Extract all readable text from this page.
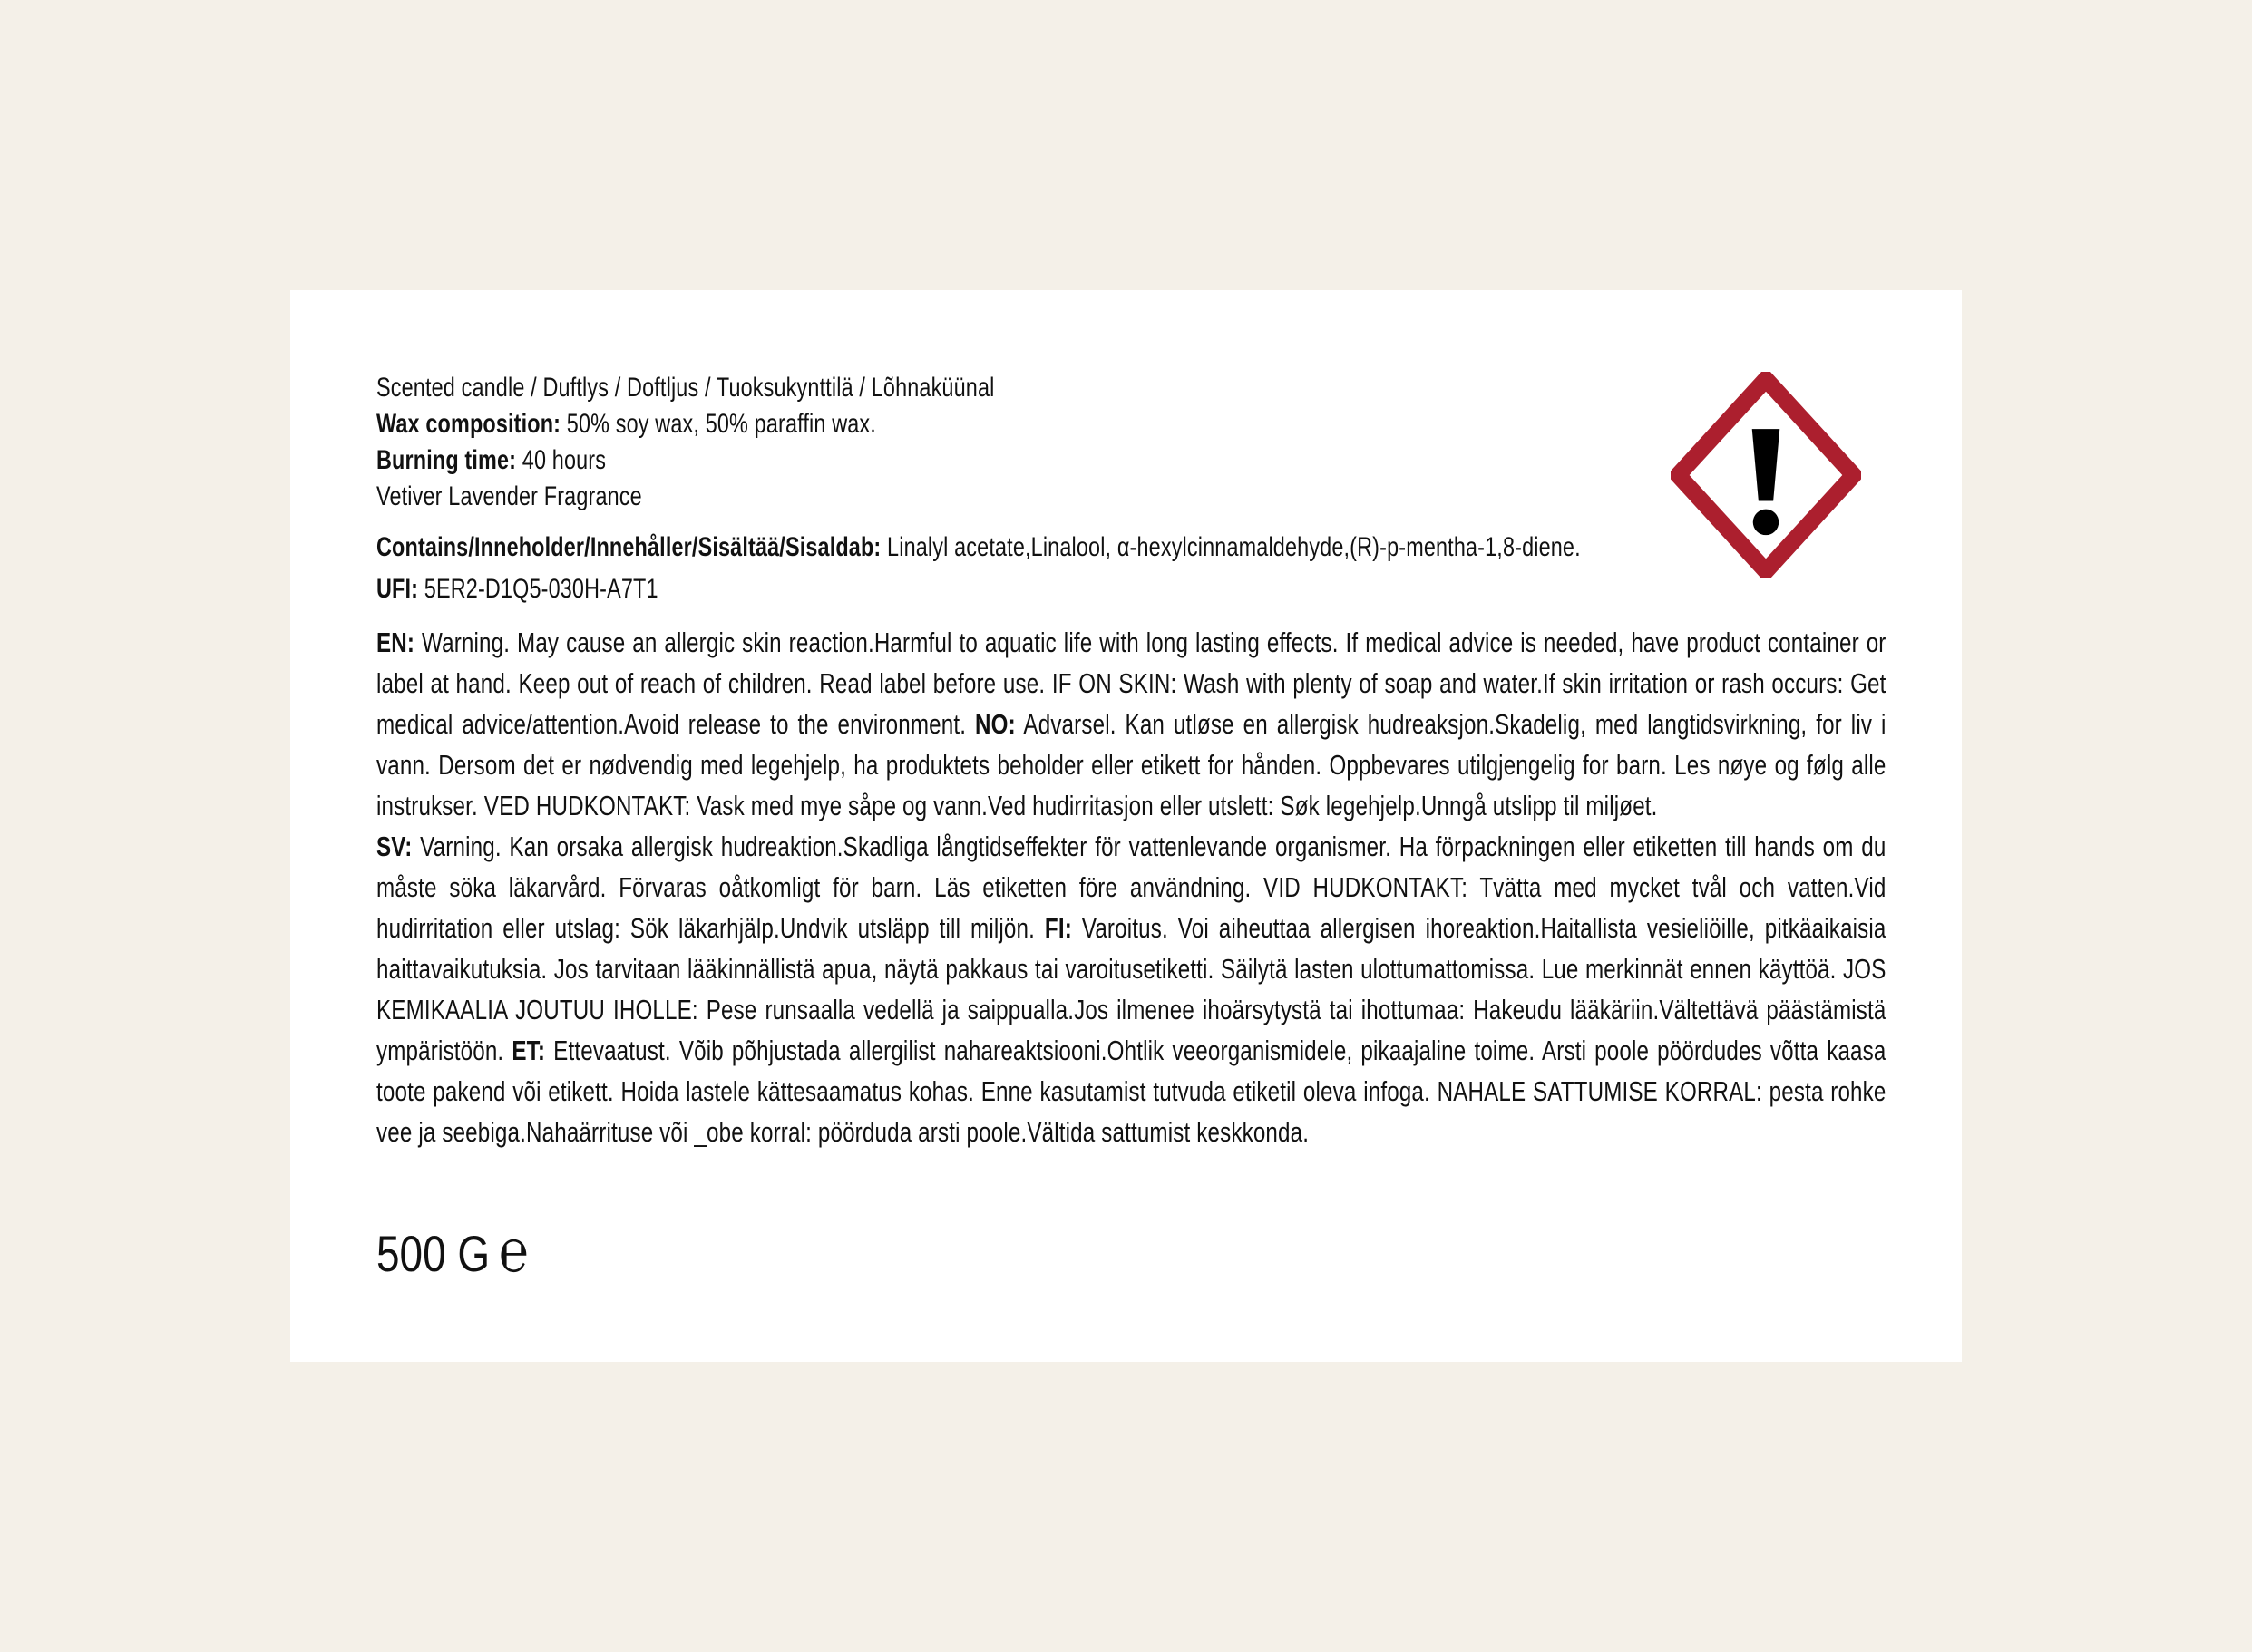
Scented candle / Duftlys / Doftljus / Tuoksukynttilä / Lõhnaküünal
Wax composition: 50% soy wax, 50% paraffin wax.
Burning time: 40 hours
Vetiver Lavender Fragrance
Contains/Inneholder/Innehåller/Sisältää/Sisaldab: Linalyl acetate,Linalool, α-hexylcinnamaldehyde,(R)-p-mentha-1,8-diene.
UFI: 5ER2-D1Q5-030H-A7T1

EN: Warning. May cause an allergic skin reaction.Harmful to aquatic life with long lasting effects. If medical advice is needed, have product container or label at hand. Keep out of reach of children. Read label before use. IF ON SKIN: Wash with plenty of soap and water.If skin irritation or rash occurs: Get medical advice/attention.Avoid release to the environment. NO: Advarsel. Kan utløse en allergisk hudreaksjon.Skadelig, med langtidsvirkning, for liv i vann. Dersom det er nødvendig med legehjelp, ha produktets beholder eller etikett for hånden. Oppbevares utilgjengelig for barn. Les nøye og følg alle instrukser. VED HUDKONTAKT: Vask med mye såpe og vann.Ved hudirritasjon eller utslett: Søk legehjelp.Unngå utslipp til miljøet.

SV: Varning. Kan orsaka allergisk hudreaktion.Skadliga långtidseffekter för vattenlevande organismer. Ha förpackningen eller etiketten till hands om du måste söka läkarvård. Förvaras oåtkomligt för barn. Läs etiketten före användning. VID HUDKONTAKT: Tvätta med mycket tvål och vatten.Vid hudirritation eller utslag: Sök läkarhjälp.Undvik utsläpp till miljön. FI: Varoitus. Voi aiheuttaa allergisen ihoreaktion.Haitallista vesieliöille, pitkäaikaisia haittavaikutuksia. Jos tarvitaan lääkinnällistä apua, näytä pakkaus tai varoitusetiketti. Säilytä lasten ulottumattomissa. Lue merkinnät ennen käyttöä. JOS KEMIKAALIA JOUTUU IHOLLE: Pese runsaalla vedellä ja saippualla.Jos ilmenee ihoärsytystä tai ihottumaa: Hakeudu lääkäriin.Vältettävä päästämistä ympäristöön. ET: Ettevaatust. Võib põhjustada allergilist nahareaktsiooni.Ohtlik veeorganismidele, pikaajaline toime. Arsti poole pöördudes võtta kaasa toote pakend või etikett. Hoida lastele kättesaamatus kohas. Enne kasutamist tutvuda etiketil oleva infoga. NAHALE SATTUMISE KORRAL: pesta rohke vee ja seebiga.Nahaärrituse või _obe korral: pöörduda arsti poole.Vältida sattumist keskkonda.

500 G ℮
